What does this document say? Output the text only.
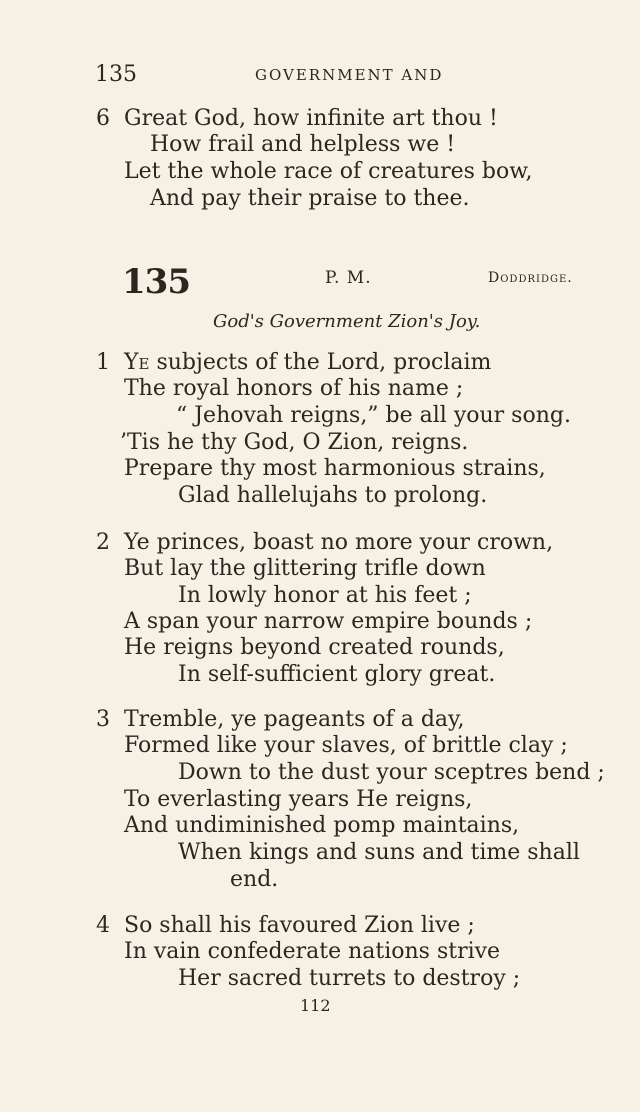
135	GOVERNMENT AND
6 Great God, how infinite art thou !
How frail and helpless we !
Let the whole race of creatures bow,
And pay their praise to thee.
135	P. M.	Doddridge.
God's Government Zion's Joy.
1 Ye subjects of the Lord, proclaim
The royal honors of his name ;
“ Jehovah reigns,” be all your song.
’Tis he thy God, O Zion, reigns.
Prepare thy most harmonious strains,
Glad hallelujahs to prolong.
2 Ye princes, boast no more your crown,
But lay the glittering trifle down
In lowly honor at his feet ;
A span your narrow empire bounds ;
He reigns beyond created rounds,
In self-sufficient glory great.
3 Tremble, ye pageants of a day,
Formed like your slaves, of brittle clay ;
Down to the dust your sceptres bend ;
To everlasting years He reigns,
And undiminished pomp maintains,
When kings and suns and time shall
end.
4 So shall his favoured Zion live ;
In vain confederate nations strive
Her sacred turrets to destroy ;
112
